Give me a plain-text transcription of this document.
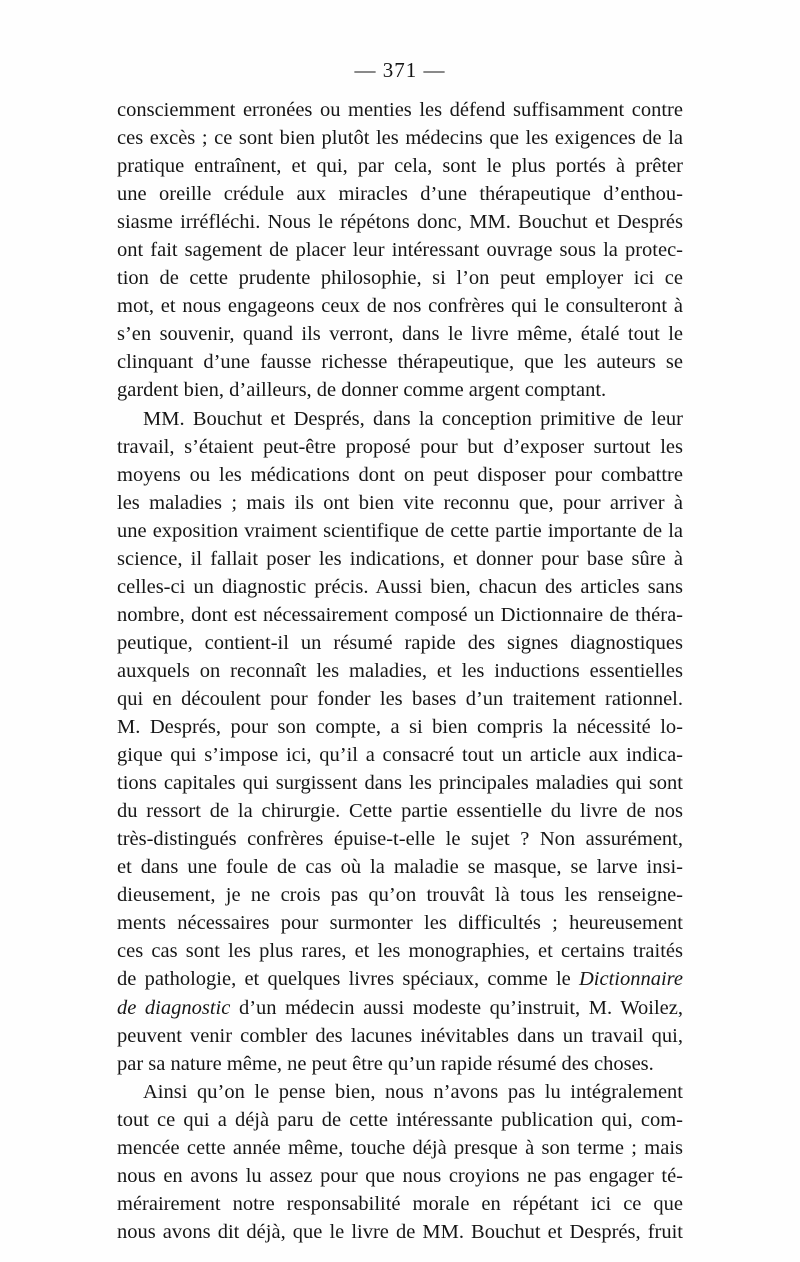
— 371 —
consciemment erronées ou menties les défend suffisamment contre
ces excès ; ce sont bien plutôt les médecins que les exigences de la
pratique entraînent, et qui, par cela, sont le plus portés à prêter
une oreille crédule aux miracles d’une thérapeutique d’enthou-
siasme irréfléchi. Nous le répétons donc, MM. Bouchut et Després
ont fait sagement de placer leur intéressant ouvrage sous la protec-
tion de cette prudente philosophie, si l’on peut employer ici ce
mot, et nous engageons ceux de nos confrères qui le consulteront à
s’en souvenir, quand ils verront, dans le livre même, étalé tout le
clinquant d’une fausse richesse thérapeutique, que les auteurs se
gardent bien, d’ailleurs, de donner comme argent comptant.
MM. Bouchut et Després, dans la conception primitive de leur
travail, s’étaient peut-être proposé pour but d’exposer surtout les
moyens ou les médications dont on peut disposer pour combattre
les maladies ; mais ils ont bien vite reconnu que, pour arriver à
une exposition vraiment scientifique de cette partie importante de la
science, il fallait poser les indications, et donner pour base sûre à
celles-ci un diagnostic précis. Aussi bien, chacun des articles sans
nombre, dont est nécessairement composé un Dictionnaire de théra-
peutique, contient-il un résumé rapide des signes diagnostiques
auxquels on reconnaît les maladies, et les inductions essentielles
qui en découlent pour fonder les bases d’un traitement rationnel.
M. Després, pour son compte, a si bien compris la nécessité lo-
gique qui s’impose ici, qu’il a consacré tout un article aux indica-
tions capitales qui surgissent dans les principales maladies qui sont
du ressort de la chirurgie. Cette partie essentielle du livre de nos
très-distingués confrères épuise-t-elle le sujet ? Non assurément,
et dans une foule de cas où la maladie se masque, se larve insi-
dieusement, je ne crois pas qu’on trouvât là tous les renseigne-
ments nécessaires pour surmonter les difficultés ; heureusement
ces cas sont les plus rares, et les monographies, et certains traités
de pathologie, et quelques livres spéciaux, comme le Dictionnaire
de diagnostic d’un médecin aussi modeste qu’instruit, M. Woilez,
peuvent venir combler des lacunes inévitables dans un travail qui,
par sa nature même, ne peut être qu’un rapide résumé des choses.
Ainsi qu’on le pense bien, nous n’avons pas lu intégralement
tout ce qui a déjà paru de cette intéressante publication qui, com-
mencée cette année même, touche déjà presque à son terme ; mais
nous en avons lu assez pour que nous croyions ne pas engager té-
mérairement notre responsabilité morale en répétant ici ce que
nous avons dit déjà, que le livre de MM. Bouchut et Després, fruit
